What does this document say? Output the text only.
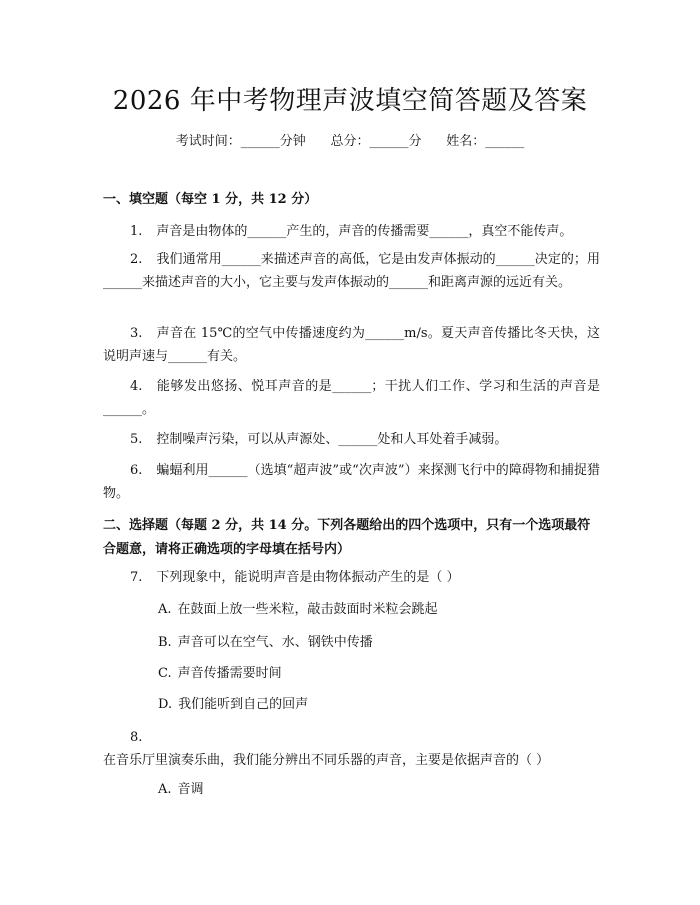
2026 年中考物理声波填空简答题及答案
考试时间：______分钟      总分：______分      姓名：______
一、填空题（每空 1 分，共 12 分）
1. 声音是由物体的______产生的，声音的传播需要______，真空不能传声。
2. 我们通常用______来描述声音的高低，它是由发声体振动的______决定的；用______来描述声音的大小，它主要与发声体振动的______和距离声源的远近有关。
3. 声音在 15℃的空气中传播速度约为______m/s。夏天声音传播比冬天快，这说明声速与______有关。
4. 能够发出悠扬、悦耳声音的是______；干扰人们工作、学习和生活的声音是______。
5. 控制噪声污染，可以从声源处、______处和人耳处着手减弱。
6. 蝙蝠利用______（选填“超声波”或“次声波”）来探测飞行中的障碍物和捕捉猎物。
二、选择题（每题 2 分，共 14 分。下列各题给出的四个选项中，只有一个选项最符合题意，请将正确选项的字母填在括号内）
7. 下列现象中，能说明声音是由物体振动产生的是（ ）
A. 在鼓面上放一些米粒，敲击鼓面时米粒会跳起
B. 声音可以在空气、水、钢铁中传播
C. 声音传播需要时间
D. 我们能听到自己的回声
8.在音乐厅里演奏乐曲，我们能分辨出不同乐器的声音，主要是依据声音的（ ）
A. 音调
